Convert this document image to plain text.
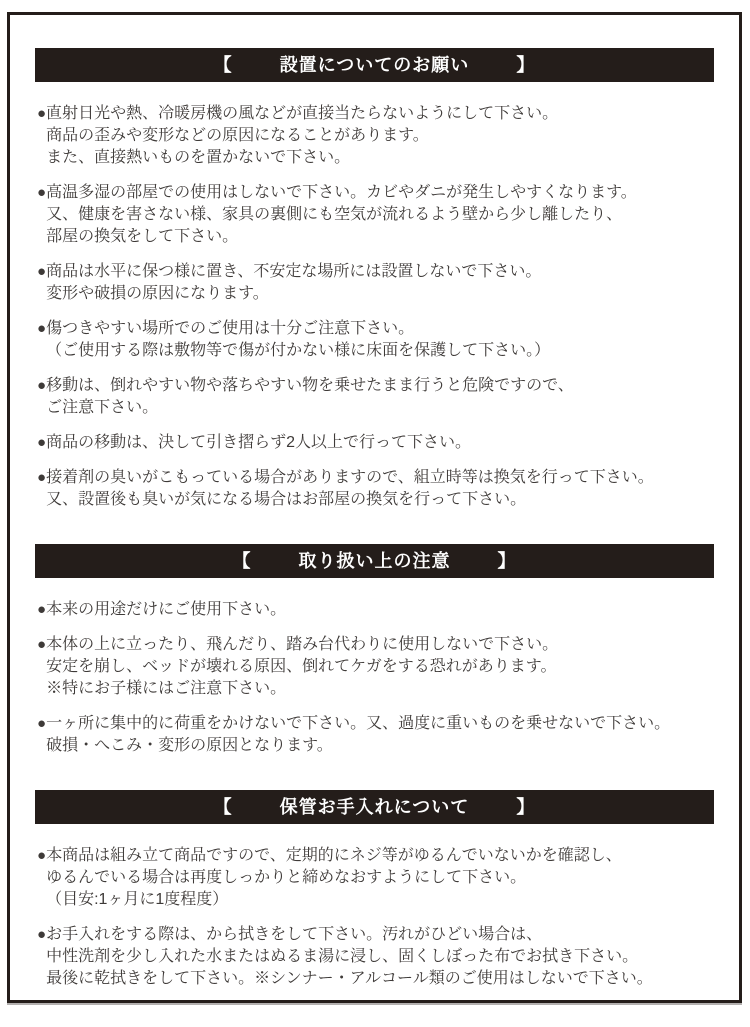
【	設置についてのお願い	】
● 直射日光や熱、冷暖房機の風などが直接当たらないようにして下さい。
商品の歪みや変形などの原因になることがあります。
また、直接熱いものを置かないで下さい。
● 高温多湿の部屋での使用はしないで下さい。カビやダニが発生しやすくなります。
又、健康を害さない様、家具の裏側にも空気が流れるよう壁から少し離したり、
部屋の換気をして下さい。
● 商品は水平に保つ様に置き、不安定な場所には設置しないで下さい。
変形や破損の原因になります。
● 傷つきやすい場所でのご使用は十分ご注意下さい。
（ご使用する際は敷物等で傷が付かない様に床面を保護して下さい。）
● 移動は、倒れやすい物や落ちやすい物を乗せたまま行うと危険ですので、
ご注意下さい。
● 商品の移動は、決して引き摺らず2人以上で行って下さい。
● 接着剤の臭いがこもっている場合がありますので、組立時等は換気を行って下さい。
又、設置後も臭いが気になる場合はお部屋の換気を行って下さい。
【	取り扱い上の注意	】
● 本来の用途だけにご使用下さい。
● 本体の上に立ったり、飛んだり、踏み台代わりに使用しないで下さい。
安定を崩し、ベッドが壊れる原因、倒れてケガをする恐れがあります。
※特にお子様にはご注意下さい。
● 一ヶ所に集中的に荷重をかけないで下さい。又、過度に重いものを乗せないで下さい。
破損・へこみ・変形の原因となります。
【	保管お手入れについて	】
● 本商品は組み立て商品ですので、定期的にネジ等がゆるんでいないかを確認し、
ゆるんでいる場合は再度しっかりと締めなおすようにして下さい。
（目安:1ヶ月に1度程度）
● お手入れをする際は、から拭きをして下さい。汚れがひどい場合は、
中性洗剤を少し入れた水またはぬるま湯に浸し、固くしぼった布でお拭き下さい。
最後に乾拭きをして下さい。※シンナー・アルコール類のご使用はしないで下さい。
